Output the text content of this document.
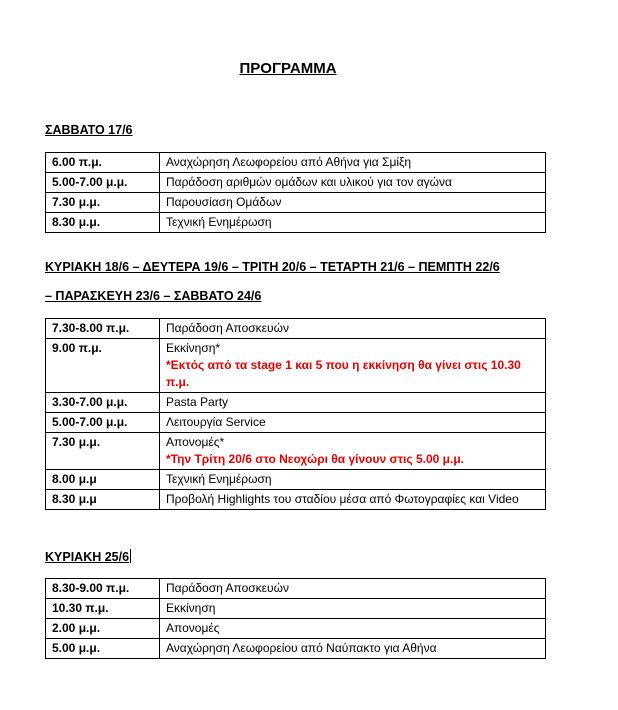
ΠΡΟΓΡΑΜΜΑ
ΣΑΒΒΑΤΟ 17/6
6.00 π.μ.	Αναχώρηση Λεωφορείου από Αθήνα για Σμίξη
5.00-7.00 μ.μ.	Παράδοση αριθμών ομάδων και υλικού για τον αγώνα
7.30 μ.μ.	Παρουσίαση Ομάδων
8.30 μ.μ.	Τεχνική Ενημέρωση
ΚΥΡΙΑΚΗ 18/6 – ΔΕΥΤΕΡΑ 19/6 – ΤΡΙΤΗ 20/6 – ΤΕΤΑΡΤΗ 21/6 – ΠΕΜΠΤΗ 22/6
– ΠΑΡΑΣΚΕΥΗ 23/6 – ΣΑΒΒΑΤΟ 24/6
7.30-8.00 π.μ.	Παράδοση Αποσκευών
9.00 π.μ.	Εκκίνηση*
*Εκτός από τα stage 1 και 5 που η εκκίνηση θα γίνει στις 10.30 π.μ.

3.30-7.00 μ.μ.	Pasta Party
5.00-7.00 μ.μ.	Λειτουργία Service
7.30 μ.μ.	Απονομές*
*Την Τρίτη 20/6 στο Νεοχώρι θα γίνουν στις 5.00 μ.μ.

8.00 μ.μ	Τεχνική Ενημέρωση
8.30 μ.μ	Προβολή Highlights του σταδίου μέσα από Φωτογραφίες και Video
ΚΥΡΙΑΚΗ 25/6
8.30-9.00 π.μ.	Παράδοση Αποσκευών
10.30 π.μ.	Εκκίνηση
2.00 μ.μ.	Απονομές
5.00 μ.μ.	Αναχώρηση Λεωφορείου από Ναύπακτο για Αθήνα
